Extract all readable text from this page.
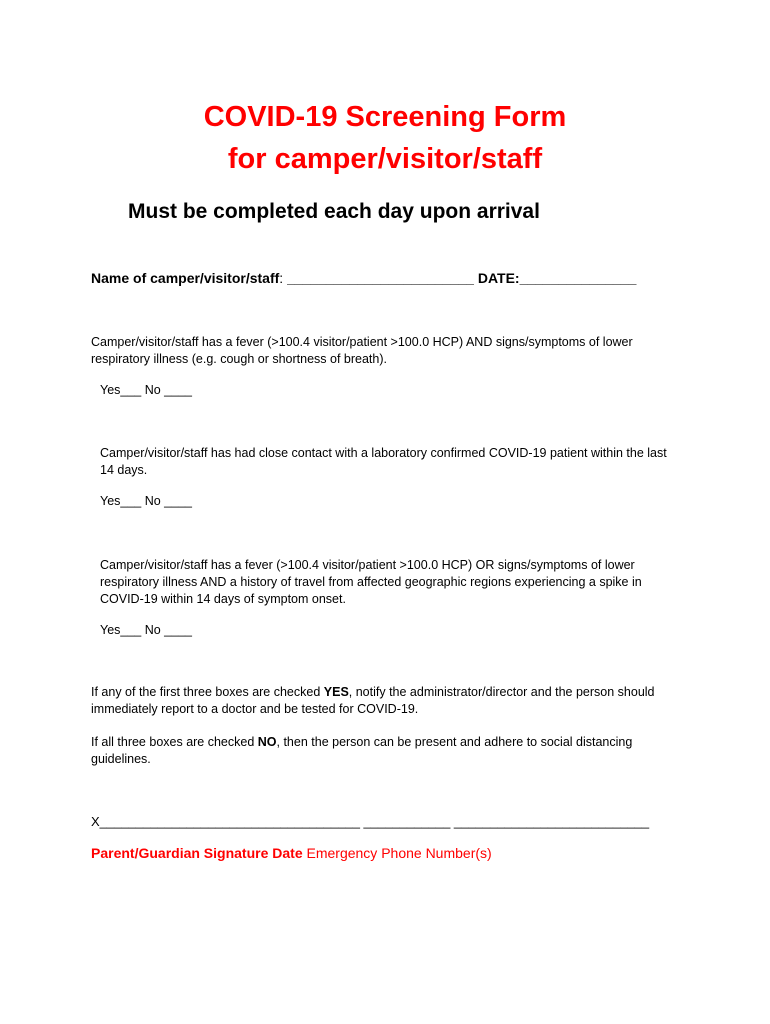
COVID-19 Screening Form
for camper/visitor/staff
Must be completed each day upon arrival
Name of camper/visitor/staff: ________________________ DATE:_______________
Camper/visitor/staff has a fever (>100.4 visitor/patient >100.0 HCP) AND signs/symptoms of lower respiratory illness (e.g. cough or shortness of breath).
Yes___ No ____
Camper/visitor/staff has had close contact with a laboratory confirmed COVID-19 patient within the last 14 days.
Yes___ No ____
Camper/visitor/staff has a fever (>100.4 visitor/patient >100.0 HCP) OR signs/symptoms of lower respiratory illness AND a history of travel from affected geographic regions experiencing a spike in COVID-19 within 14 days of symptom onset.
Yes___ No ____
If any of the first three boxes are checked YES, notify the administrator/director and the person should immediately report to a doctor and be tested for COVID-19.
If all three boxes are checked NO, then the person can be present and adhere to social distancing guidelines.
X____________________________________ ____________ ___________________________
Parent/Guardian Signature Date Emergency Phone Number(s)
